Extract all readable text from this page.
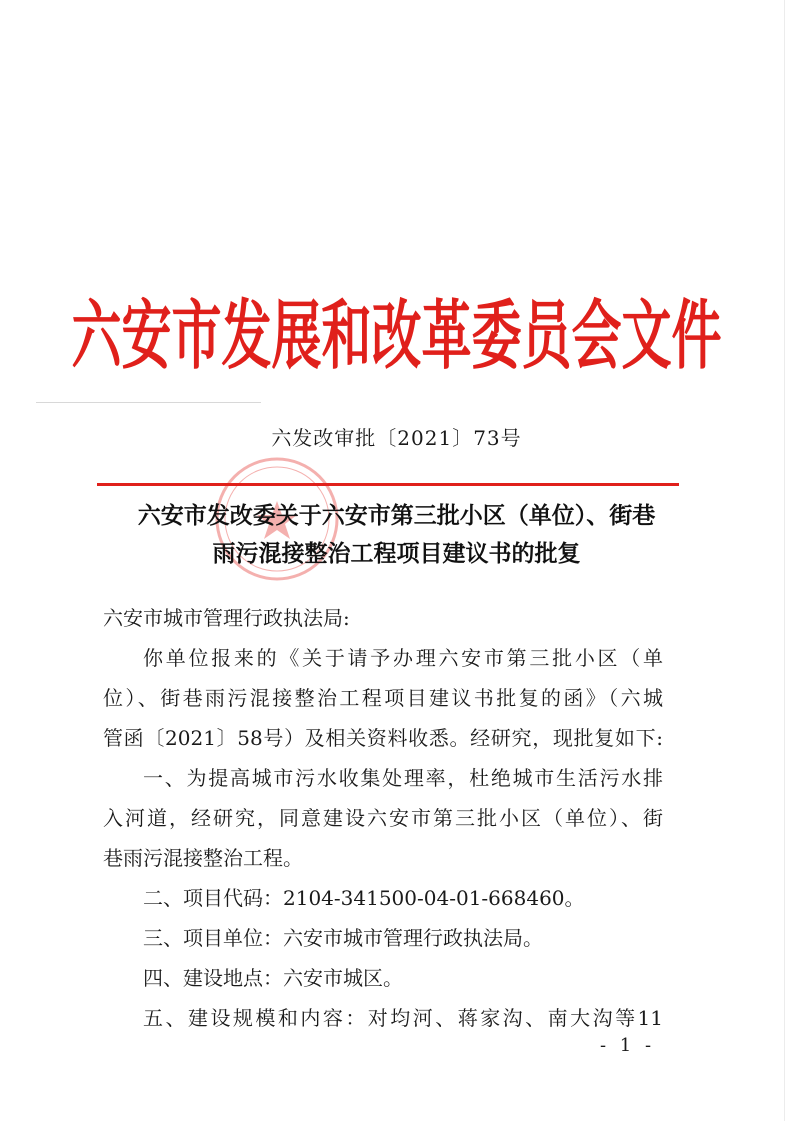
六安市发展和改革委员会文件
六发改审批〔2021〕73号
六安市发改委关于六安市第三批小区（单位）、街巷
雨污混接整治工程项目建议书的批复
六安市城市管理行政执法局:
你单位报来的《关于请予办理六安市第三批小区（单
位）、街巷雨污混接整治工程项目建议书批复的函》（六城
管函〔2021〕58号）及相关资料收悉。经研究，现批复如下:
一、为提高城市污水收集处理率，杜绝城市生活污水排
入河道，经研究，同意建设六安市第三批小区（单位）、街
巷雨污混接整治工程。
二、项目代码：2104-341500-04-01-668460。
三、项目单位：六安市城市管理行政执法局。
四、建设地点：六安市城区。
五、建设规模和内容：对均河、蒋家沟、南大沟等11
- 1 -
